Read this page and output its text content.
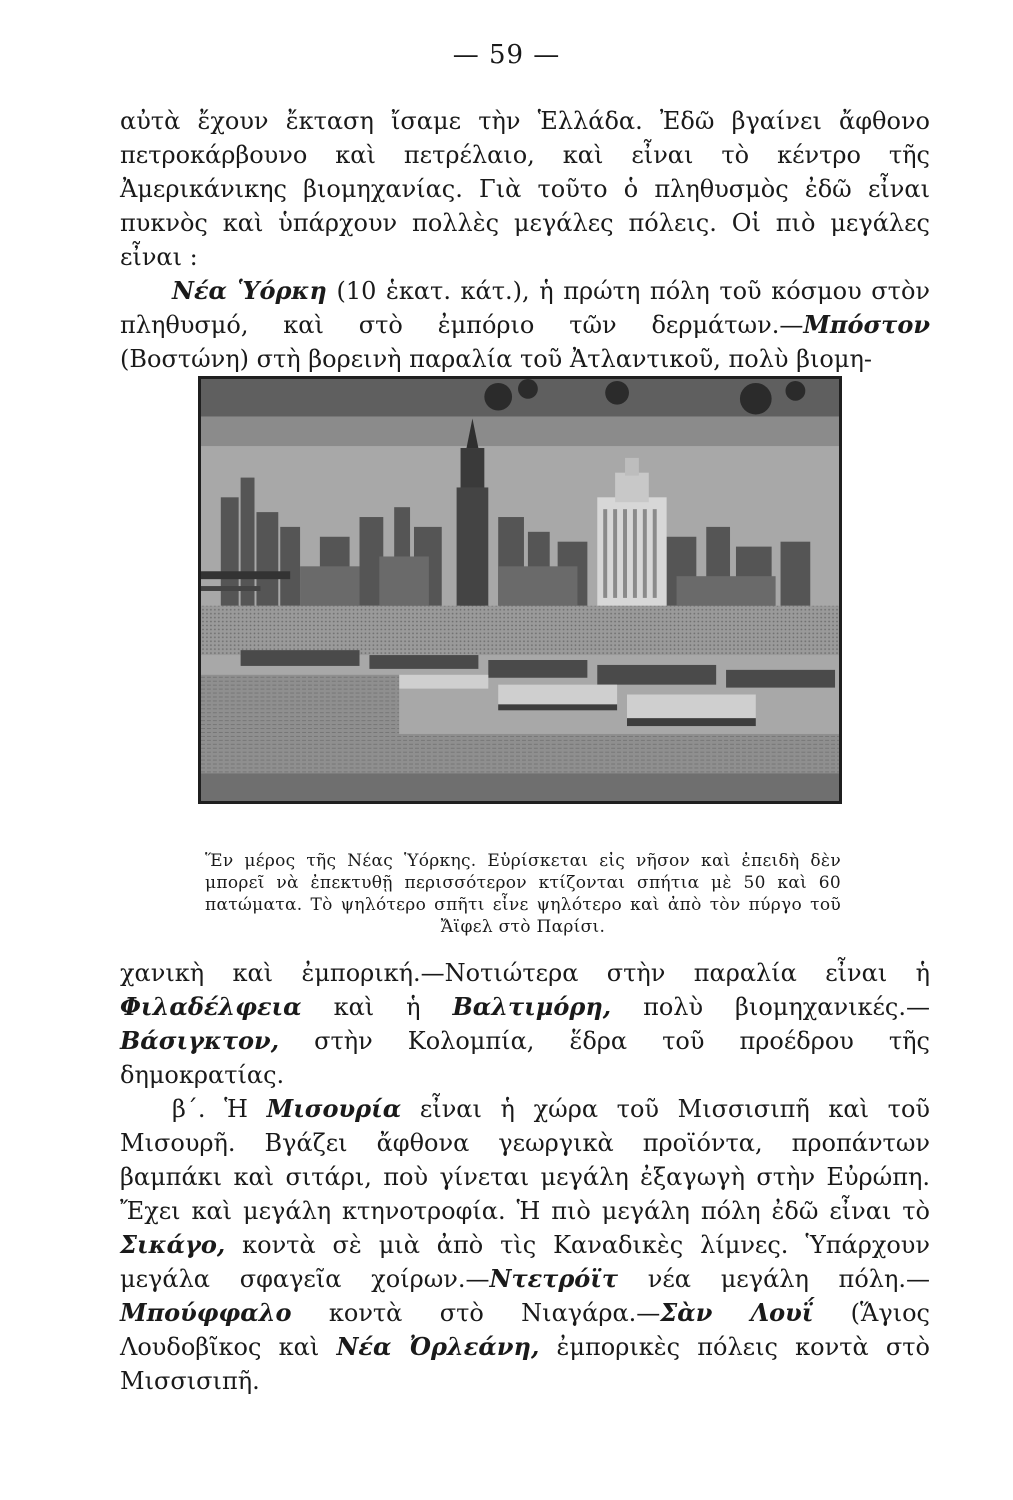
— 59 —

αὐτὰ ἔχουν ἔκταση ἴσαμε τὴν Ἑλλάδα. Ἐδῶ βγαίνει ἄφθονο πετροκάρβουνο καὶ πετρέλαιο, καὶ εἶναι τὸ κέντρο τῆς Ἀμερικάνικης βιομηχανίας. Γιὰ τοῦτο ὁ πληθυσμὸς ἐδῶ εἶναι πυκνὸς καὶ ὑπάρχουν πολλὲς μεγάλες πόλεις. Οἱ πιὸ μεγάλες εἶναι :
Νέα Ὑόρκη (10 ἑκατ. κάτ.), ἡ πρώτη πόλη τοῦ κόσμου στὸν πληθυσμό, καὶ στὸ ἐμπόριο τῶν δερμάτων.—Μπόστον (Βοστώνη) στὴ βορεινὴ παραλία τοῦ Ἀτλαντικοῦ, πολὺ βιομη-

Ἕν μέρος τῆς Νέας Ὑόρκης. Εὑρίσκεται εἰς νῆσον καὶ ἐπειδὴ δὲν μπορεῖ νὰ ἐπεκτυθῇ περισσότερον κτίζονται σπήτια μὲ 50 καὶ 60 πατώματα. Τὸ ψηλότερο σπῆτι εἶνε ψηλότερο καὶ ἀπὸ τὸν πύργο τοῦ Ἄϊφελ στὸ Παρίσι.

χανικὴ καὶ ἐμπορική.—Νοτιώτερα στὴν παραλία εἶναι ἡ Φιλαδέλφεια καὶ ἡ Βαλτιμόρη, πολὺ βιομηχανικές.—Βάσιγκτον, στὴν Κολομπία, ἕδρα τοῦ προέδρου τῆς δημοκρατίας.
β΄. Ἡ Μισουρία εἶναι ἡ χώρα τοῦ Μισσισιπῆ καὶ τοῦ Μισουρῆ. Βγάζει ἄφθονα γεωργικὰ προϊόντα, προπάντων βαμπάκι καὶ σιτάρι, ποὺ γίνεται μεγάλη ἐξαγωγὴ στὴν Εὐρώπη. Ἔχει καὶ μεγάλη κτηνοτροφία. Ἡ πιὸ μεγάλη πόλη ἐδῶ εἶναι τὸ Σικάγο, κοντὰ σὲ μιὰ ἀπὸ τὶς Καναδικὲς λίμνες. Ὑπάρχουν μεγάλα σφαγεῖα χοίρων.—Ντετρόϊτ νέα μεγάλη πόλη.—Μπούφφαλο κοντὰ στὸ Νιαγάρα.—Σὰν Λουΐ (Ἅγιος Λουδοβῖκος καὶ Νέα Ὀρλεάνη, ἐμπορικὲς πόλεις κοντὰ στὸ Μισσισιπῆ.
